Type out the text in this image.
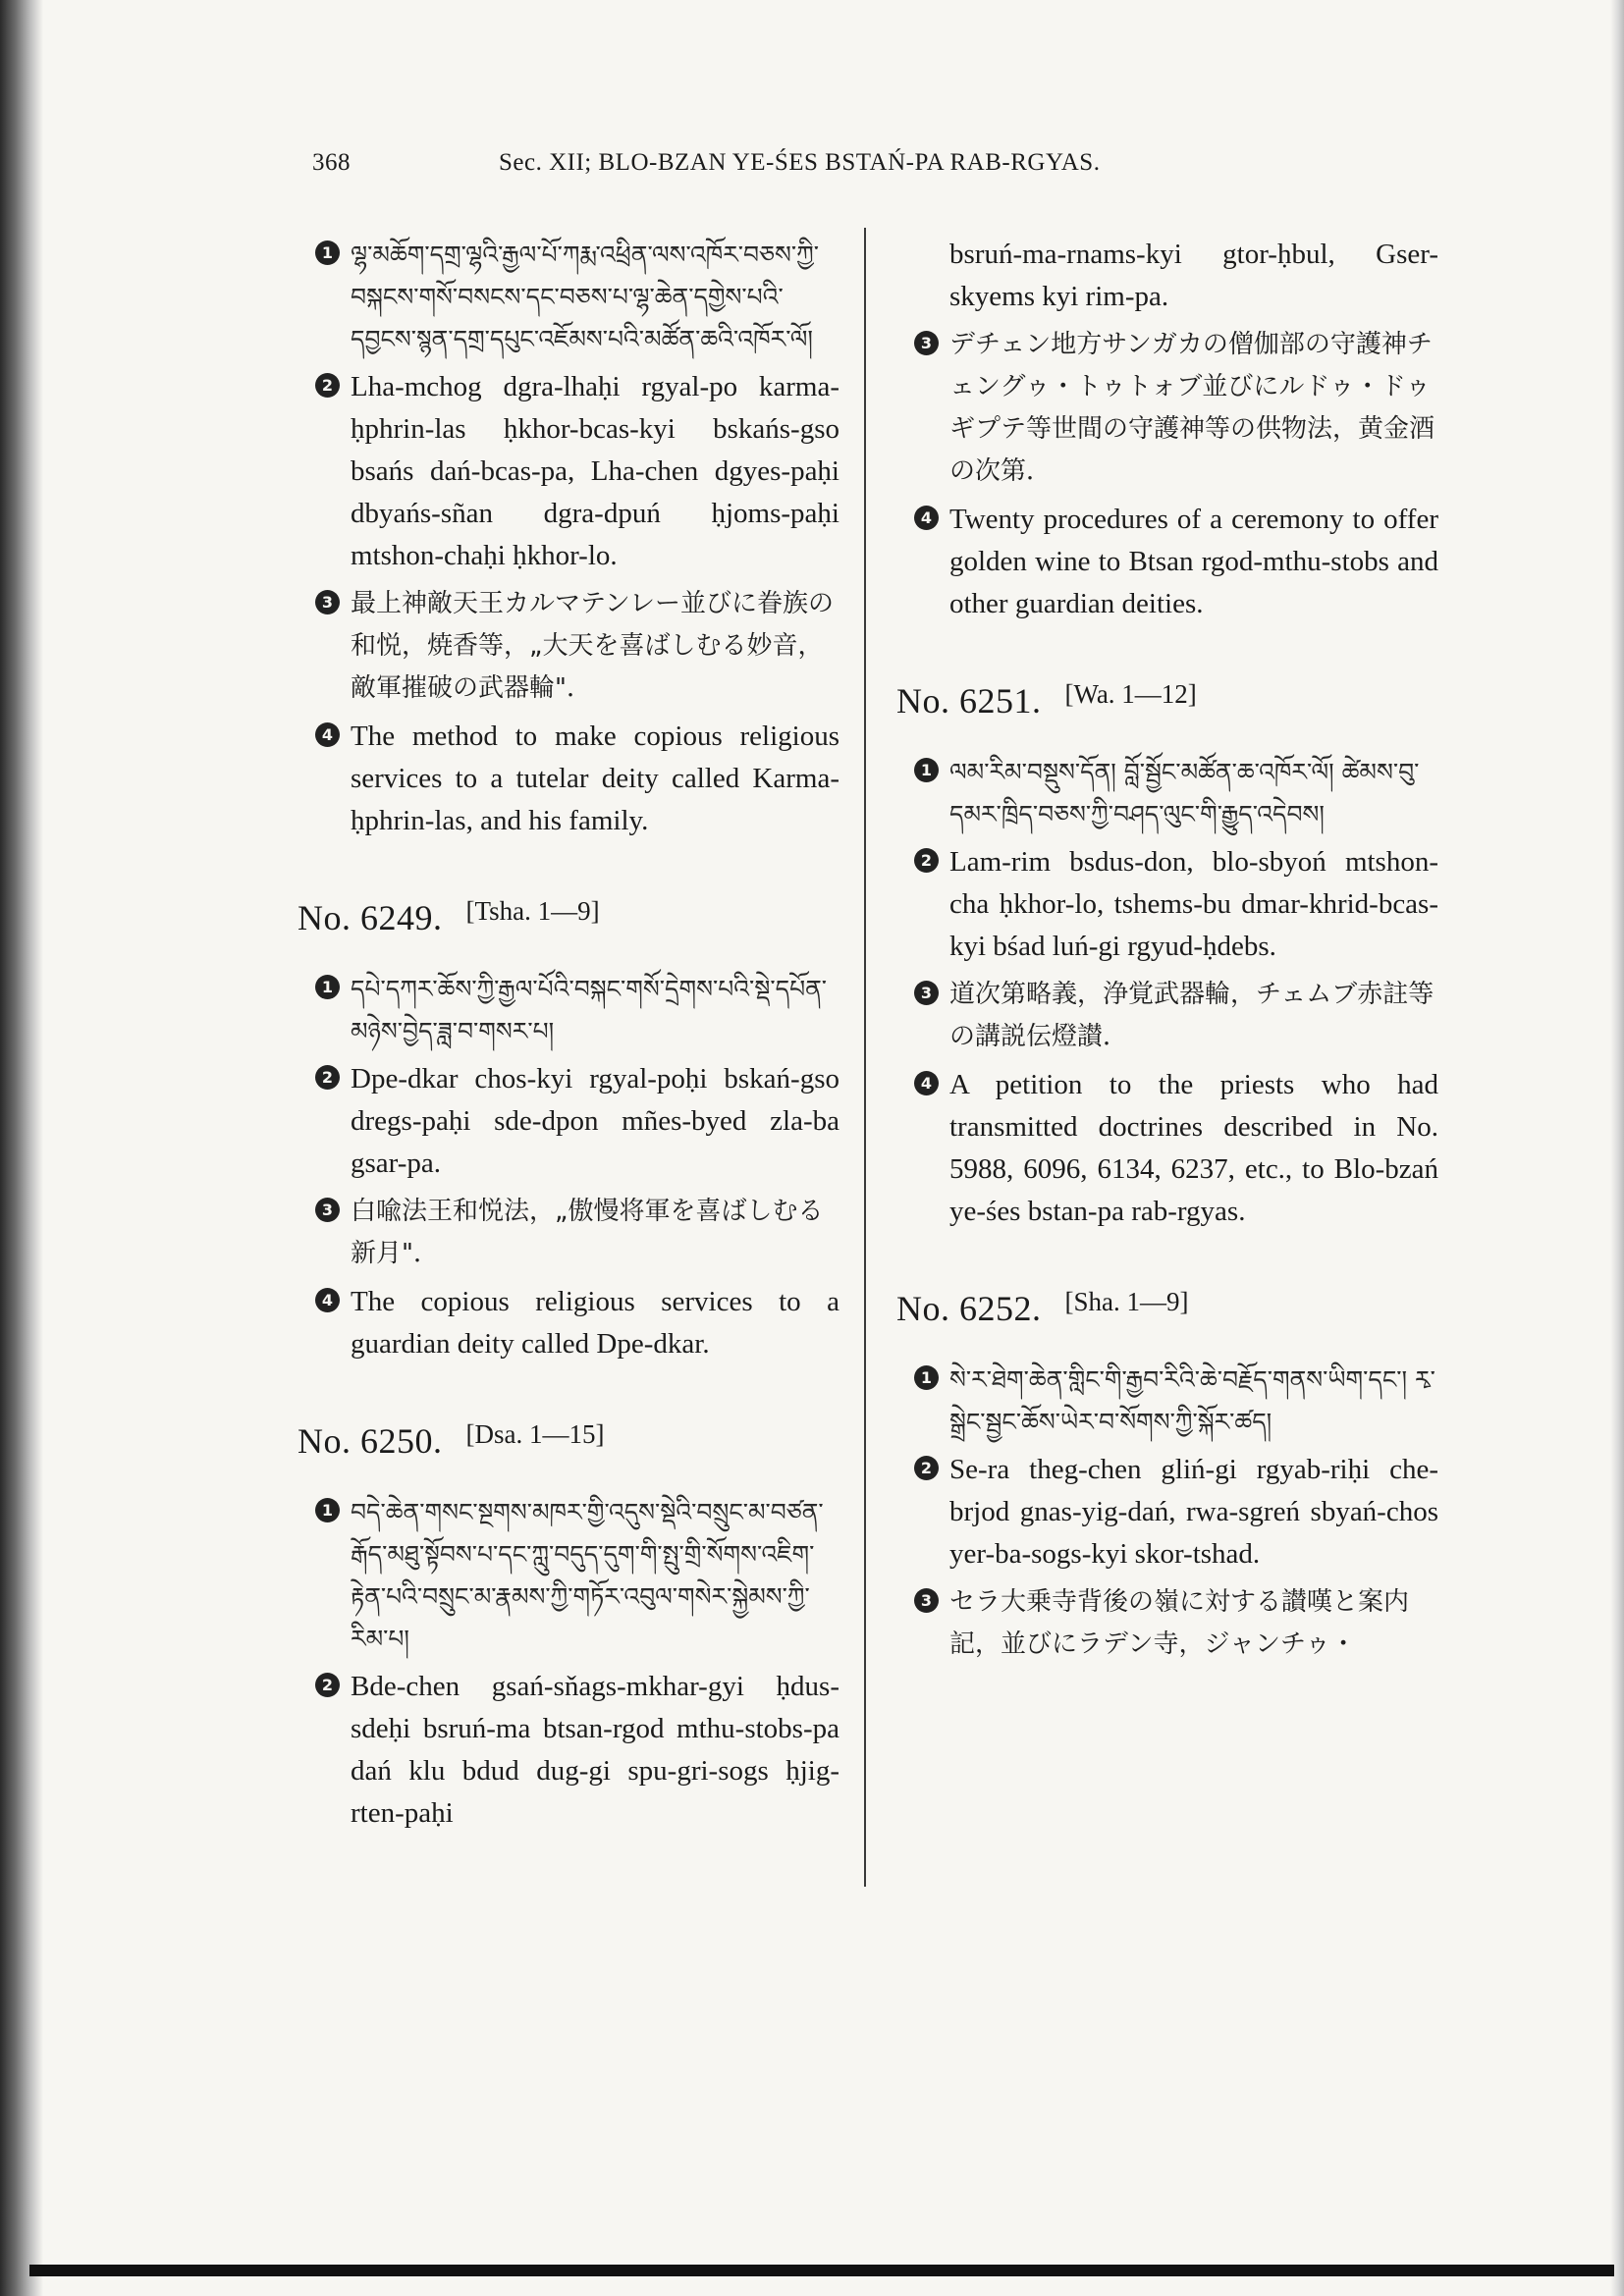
368	Sec. XII; BLO-BZAN YE-ŚES BSTAŃ-PA RAB-RGYAS.
1 ལྷ་མཆོག་དགྲ་ལྷའི་རྒྱལ་པོ་ཀརྨ་འཕྲིན་ལས་འཁོར་བཅས་ཀྱི་བསྐངས་གསོ་བསངས་དང་བཅས་པ་ལྷ་ཆེན་དགྱེས་པའི་དབྱངས་སྙན་དགྲ་དཔུང་འཇོམས་པའི་མཚོན་ཆའི་འཁོར་ལོ།
2 Lha-mchog dgra-lhaḥi rgyal-po karma-ḥphrin-las ḥkhor-bcas-kyi bskańs-gso bsańs dań-bcas-pa, Lha-chen dgyes-paḥi dbyańs-sñan dgra-dpuń ḥjoms-paḥi mtshon-chaḥi ḥkhor-lo.
3 最上神敵天王カルマテンレー並びに眷族の和悦，焼香等，„大天を喜ばしむる妙音，敵軍摧破の武器輪"．
4 The method to make copious religious services to a tutelar deity called Karma-ḥphrin-las, and his family.
No. 6249. [Tsha. 1—9]
1 དཔེ་དཀར་ཆོས་ཀྱི་རྒྱལ་པོའི་བསྐང་གསོ་དྲེགས་པའི་སྡེ་དཔོན་མཉེས་བྱེད་ཟླ་བ་གསར་པ།
2 Dpe-dkar chos-kyi rgyal-poḥi bskań-gso dregs-paḥi sde-dpon mñes-byed zla-ba gsar-pa.
3 白喩法王和悦法，„傲慢将軍を喜ばしむる新月"．
4 The copious religious services to a guardian deity called Dpe-dkar.
No. 6250. [Dsa. 1—15]
1 བདེ་ཆེན་གསང་སྔགས་མཁར་གྱི་འདུས་སྡེའི་བསྲུང་མ་བཙན་རྒོད་མཐུ་སྟོབས་པ་དང་ཀླུ་བདུད་དུག་གི་སྤུ་གྲི་སོགས་འཇིག་རྟེན་པའི་བསྲུང་མ་རྣམས་ཀྱི་གཏོར་འབུལ་གསེར་སྐྱེམས་ཀྱི་རིམ་པ།
2 Bde-chen gsań-sňags-mkhar-gyi ḥdus-sdeḥi bsruń-ma btsan-rgod mthu-stobs-pa dań klu bdud dug-gi spu-gri-sogs ḥjig-rten-paḥi
bsruń-ma-rnams-kyi gtor-ḥbul, Gser-skyems kyi rim-pa.
3 デチェン地方サンガカの僧伽部の守護神チェングゥ・トゥトォブ並びにルドゥ・ドゥギプテ等世間の守護神等の供物法，黄金酒の次第．
4 Twenty procedures of a ceremony to offer golden wine to Btsan rgod-mthu-stobs and other guardian deities.
No. 6251. [Wa. 1—12]
1 ལམ་རིམ་བསྡུས་དོན། བློ་སྦྱོང་མཚོན་ཆ་འཁོར་ལོ། ཚེམས་བུ་དམར་ཁྲིད་བཅས་ཀྱི་བཤད་ལུང་གི་རྒྱུད་འདེབས།
2 Lam-rim bsdus-don, blo-sbyoń mtshon-cha ḥkhor-lo, tshems-bu dmar-khrid-bcas-kyi bśad luń-gi rgyud-ḥdebs.
3 道次第略義，浄覚武器輪，チェムブ赤註等の講説伝燈讃．
4 A petition to the priests who had transmitted doctrines described in No. 5988, 6096, 6134, 6237, etc., to Blo-bzań ye-śes bstan-pa rab-rgyas.
No. 6252. [Sha. 1—9]
1 སེ་ར་ཐེག་ཆེན་གླིང་གི་རྒྱབ་རིའི་ཆེ་བརྗོད་གནས་ཡིག་དང་། རྭ་སྒྲེང་སྦྱང་ཆོས་ཡེར་བ་སོགས་ཀྱི་སྐོར་ཚད།
2 Se-ra theg-chen gliń-gi rgyab-riḥi che-brjod gnas-yig-dań, rwa-sgreń sbyań-chos yer-ba-sogs-kyi skor-tshad.
3 セラ大乗寺背後の嶺に対する讃嘆と案内記，並びにラデン寺，ジャンチゥ・
